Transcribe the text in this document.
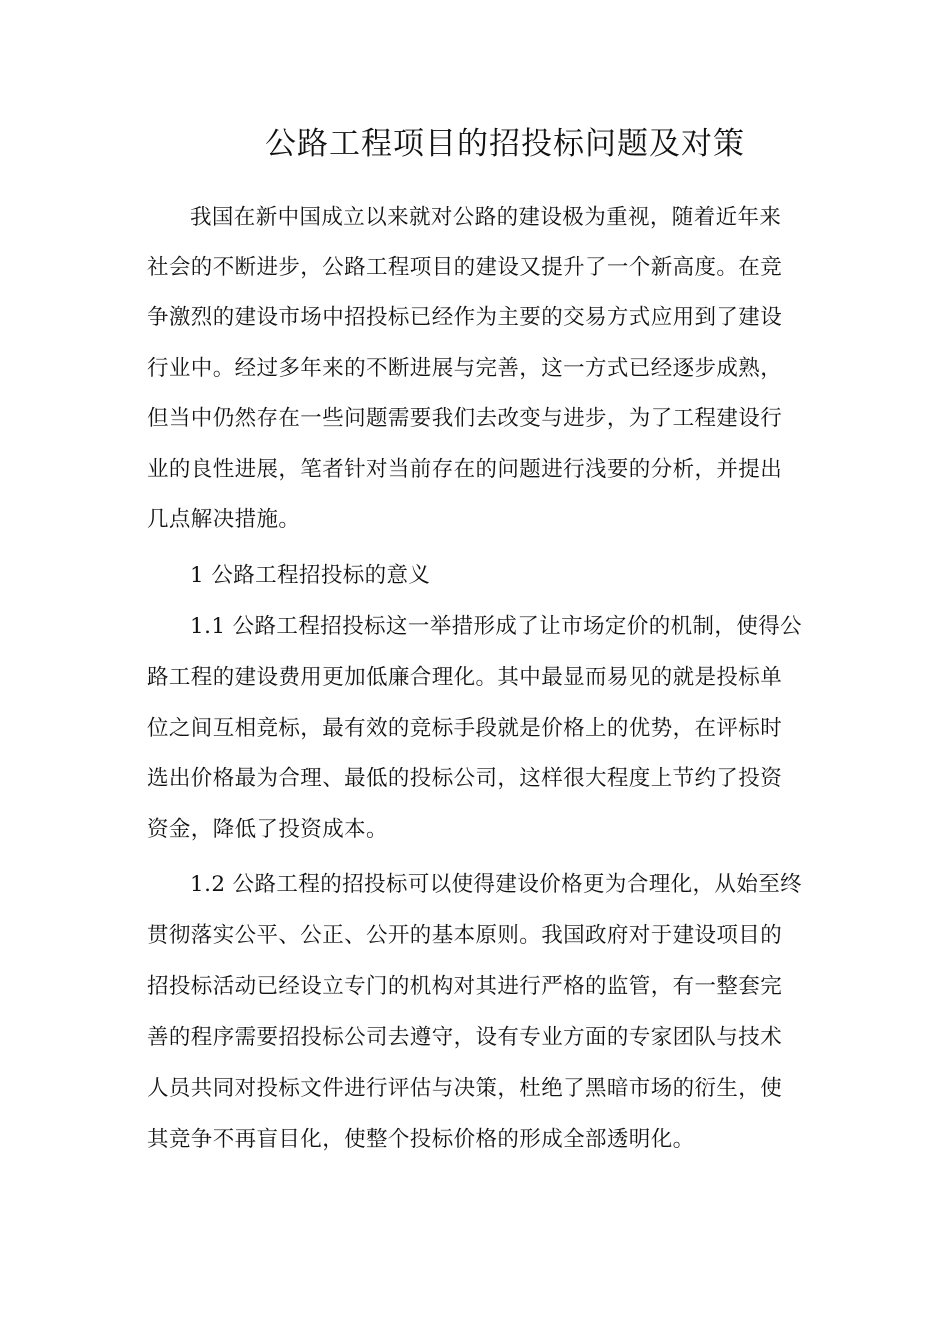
公路工程项目的招投标问题及对策
我国在新中国成立以来就对公路的建设极为重视，随着近年来
社会的不断进步，公路工程项目的建设又提升了一个新高度。在竞
争激烈的建设市场中招投标已经作为主要的交易方式应用到了建设
行业中。经过多年来的不断进展与完善，这一方式已经逐步成熟，
但当中仍然存在一些问题需要我们去改变与进步，为了工程建设行
业的良性进展，笔者针对当前存在的问题进行浅要的分析，并提出
几点解决措施。
1 公路工程招投标的意义
1.1 公路工程招投标这一举措形成了让市场定价的机制，使得公
路工程的建设费用更加低廉合理化。其中最显而易见的就是投标单
位之间互相竞标，最有效的竞标手段就是价格上的优势，在评标时
选出价格最为合理、最低的投标公司，这样很大程度上节约了投资
资金，降低了投资成本。
1.2 公路工程的招投标可以使得建设价格更为合理化，从始至终
贯彻落实公平、公正、公开的基本原则。我国政府对于建设项目的
招投标活动已经设立专门的机构对其进行严格的监管，有一整套完
善的程序需要招投标公司去遵守，设有专业方面的专家团队与技术
人员共同对投标文件进行评估与决策，杜绝了黑暗市场的衍生，使
其竞争不再盲目化，使整个投标价格的形成全部透明化。
